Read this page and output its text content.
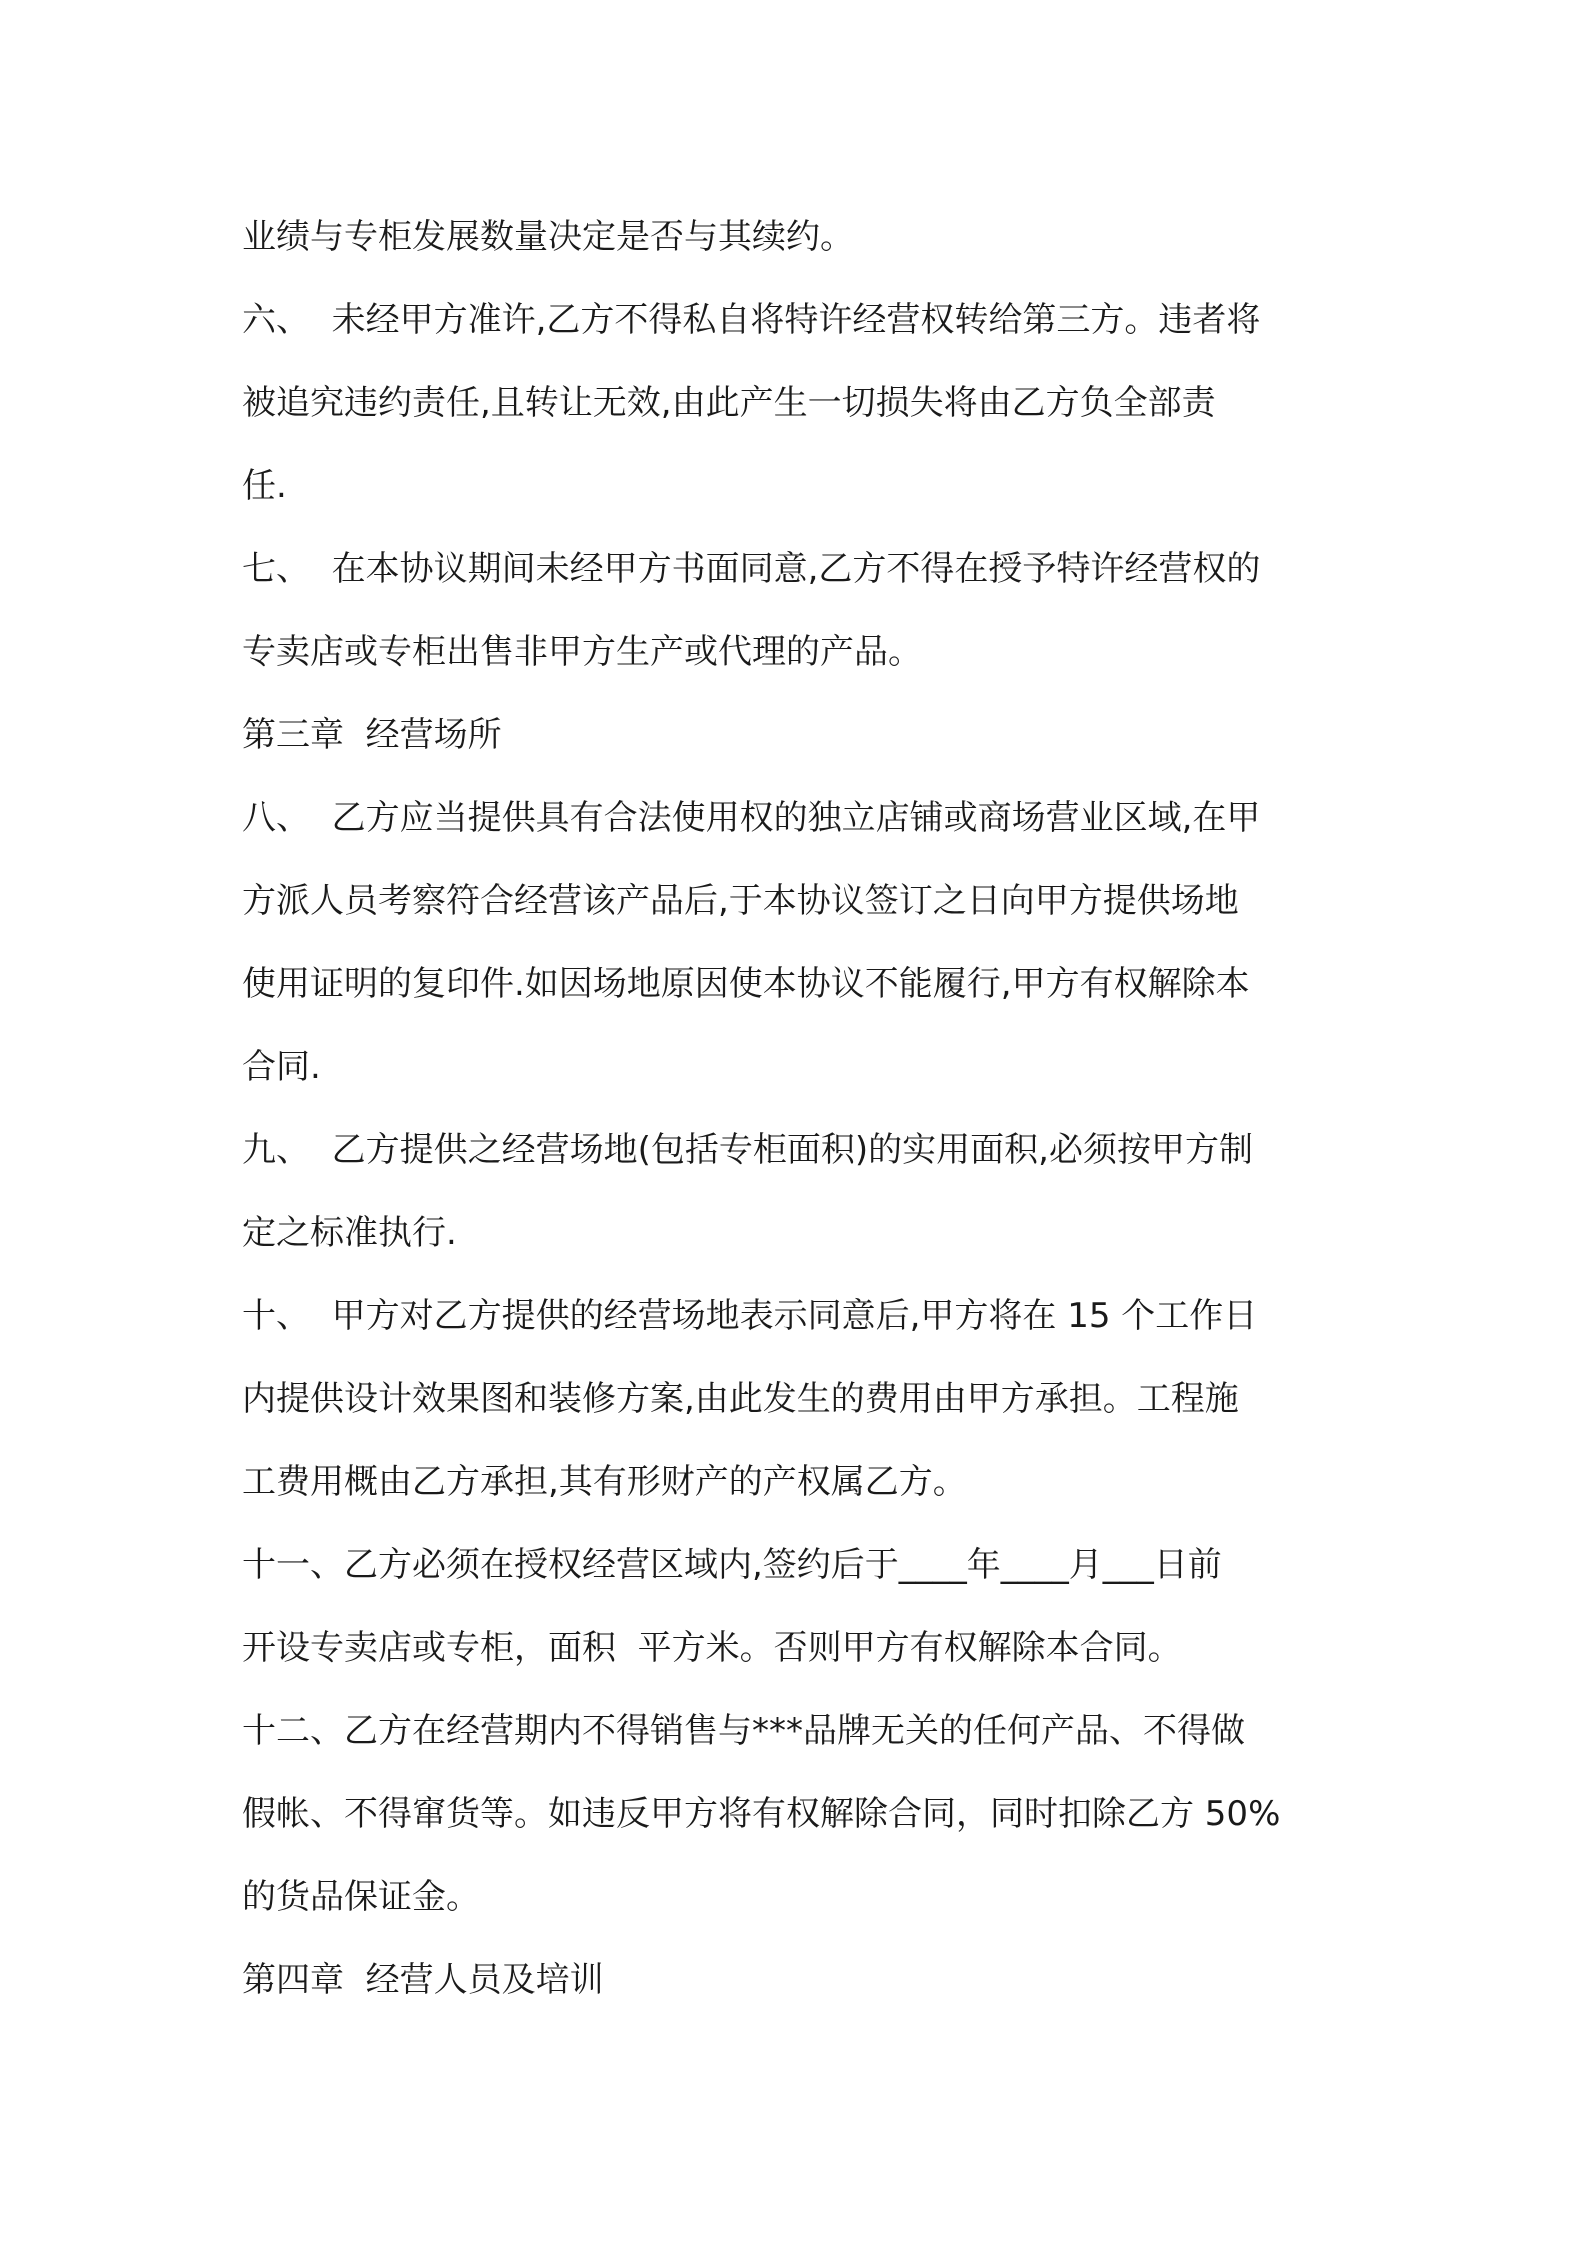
业绩与专柜发展数量决定是否与其续约。
六、  未经甲方准许,乙方不得私自将特许经营权转给第三方。违者将
被追究违约责任,且转让无效,由此产生一切损失将由乙方负全部责
任.
七、  在本协议期间未经甲方书面同意,乙方不得在授予特许经营权的
专卖店或专柜出售非甲方生产或代理的产品。
第三章  经营场所
八、  乙方应当提供具有合法使用权的独立店铺或商场营业区域,在甲
方派人员考察符合经营该产品后,于本协议签订之日向甲方提供场地
使用证明的复印件.如因场地原因使本协议不能履行,甲方有权解除本
合同.
九、  乙方提供之经营场地(包括专柜面积)的实用面积,必须按甲方制
定之标准执行.
十、  甲方对乙方提供的经营场地表示同意后,甲方将在 15 个工作日
内提供设计效果图和装修方案,由此发生的费用由甲方承担。工程施
工费用概由乙方承担,其有形财产的产权属乙方。
十一、乙方必须在授权经营区域内,签约后于____年____月___日前
开设专卖店或专柜，面积  平方米。否则甲方有权解除本合同。
十二、乙方在经营期内不得销售与***品牌无关的任何产品、不得做
假帐、不得窜货等。如违反甲方将有权解除合同，同时扣除乙方 50%
的货品保证金。
第四章  经营人员及培训
